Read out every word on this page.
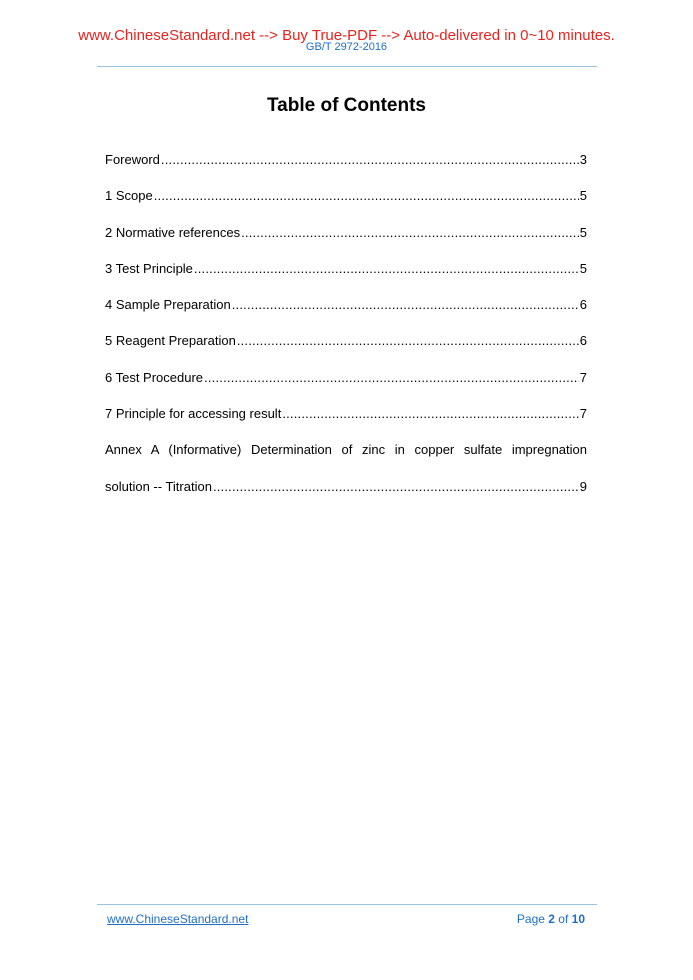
www.ChineseStandard.net --> Buy True-PDF --> Auto-delivered in 0~10 minutes.
GB/T 2972-2016
Table of Contents
Foreword .....	3
1 Scope .....	5
2 Normative references .....	5
3 Test Principle .....	5
4 Sample Preparation .....	6
5 Reagent Preparation .....	6
6 Test Procedure .....	7
7 Principle for accessing result .....	7
Annex A (Informative) Determination of zinc in copper sulfate impregnation
solution -- Titration .....	9
www.ChineseStandard.net	Page 2 of 10
